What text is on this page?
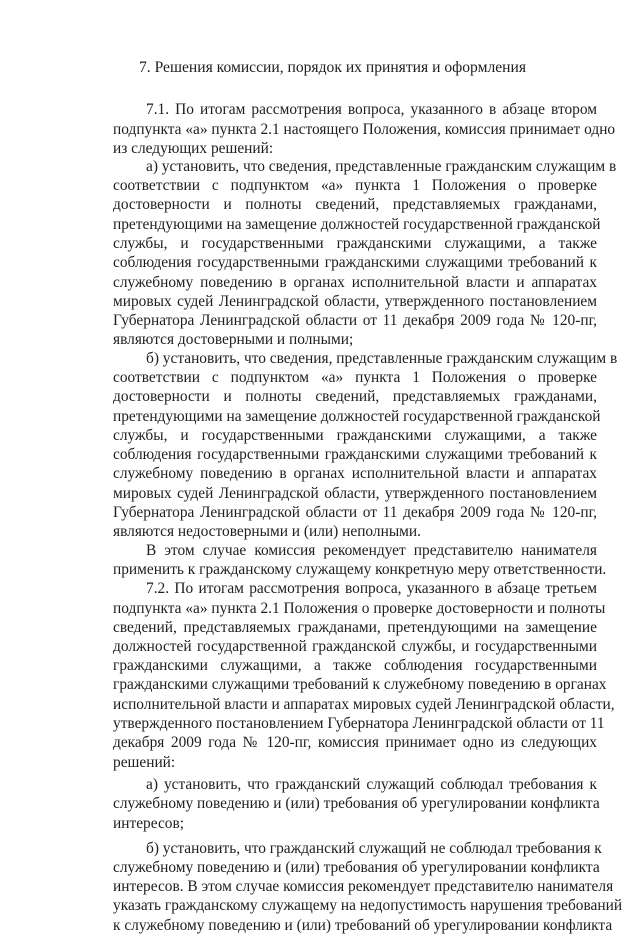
7. Решения комиссии, порядок их принятия и оформления
7.1. По итогам рассмотрения вопроса, указанного в абзаце втором
подпункта «а» пункта 2.1 настоящего Положения, комиссия принимает одно
из следующих решений:
а) установить, что сведения, представленные гражданским служащим в
соответствии с подпунктом «а» пункта 1 Положения о проверке
достоверности и полноты сведений, представляемых гражданами,
претендующими на замещение должностей государственной гражданской
службы, и государственными гражданскими служащими, а также
соблюдения государственными гражданскими служащими требований к
служебному поведению в органах исполнительной власти и аппаратах
мировых судей Ленинградской области, утвержденного постановлением
Губернатора Ленинградской области от 11 декабря 2009 года № 120-пг,
являются достоверными и полными;
б) установить, что сведения, представленные гражданским служащим в
соответствии с подпунктом «а» пункта 1 Положения о проверке
достоверности и полноты сведений, представляемых гражданами,
претендующими на замещение должностей государственной гражданской
службы, и государственными гражданскими служащими, а также
соблюдения государственными гражданскими служащими требований к
служебному поведению в органах исполнительной власти и аппаратах
мировых судей Ленинградской области, утвержденного постановлением
Губернатора Ленинградской области от 11 декабря 2009 года № 120-пг,
являются недостоверными и (или) неполными.
В этом случае комиссия рекомендует представителю нанимателя
применить к гражданскому служащему конкретную меру ответственности.
7.2. По итогам рассмотрения вопроса, указанного в абзаце третьем
подпункта «а» пункта 2.1 Положения о проверке достоверности и полноты
сведений, представляемых гражданами, претендующими на замещение
должностей государственной гражданской службы, и государственными
гражданскими служащими, а также соблюдения государственными
гражданскими служащими требований к служебному поведению в органах
исполнительной власти и аппаратах мировых судей Ленинградской области,
утвержденного постановлением Губернатора Ленинградской области от 11
декабря 2009 года № 120-пг, комиссия принимает одно из следующих
решений:
а) установить, что гражданский служащий соблюдал требования к
служебному поведению и (или) требования об урегулировании конфликта
интересов;
б) установить, что гражданский служащий не соблюдал требования к
служебному поведению и (или) требования об урегулировании конфликта
интересов. В этом случае комиссия рекомендует представителю нанимателя
указать гражданскому служащему на недопустимость нарушения требований
к служебному поведению и (или) требований об урегулировании конфликта
